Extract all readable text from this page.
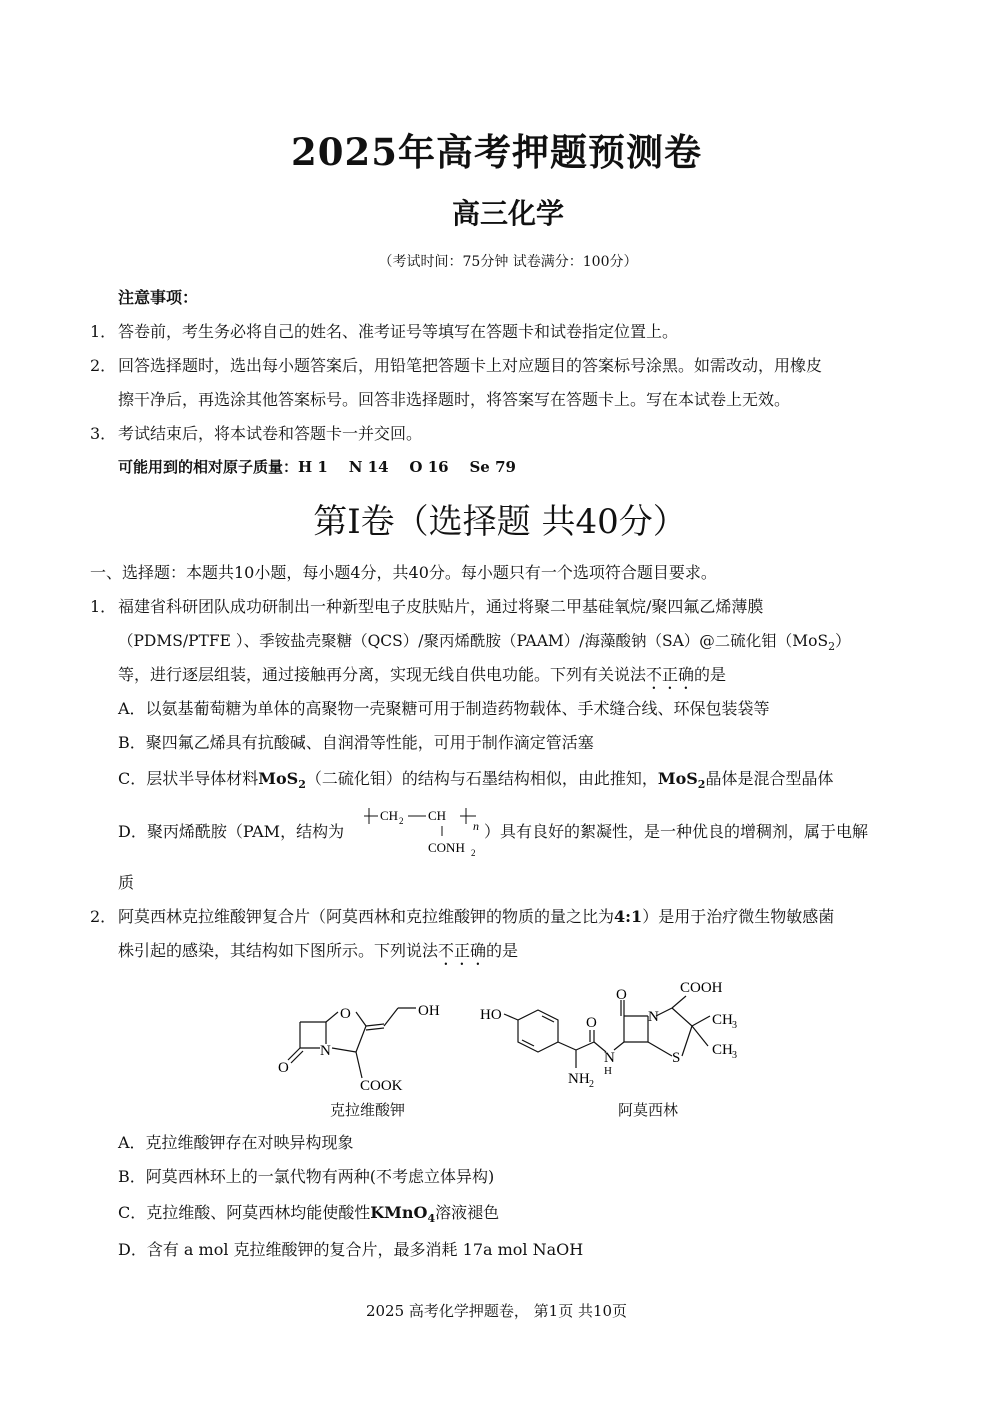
2025年高考押题预测卷
高三化学
（考试时间：75分钟 试卷满分：100分）
注意事项：
1． 答卷前，考生务必将自己的姓名、准考证号等填写在答题卡和试卷指定位置上。
2． 回答选择题时，选出每小题答案后，用铅笔把答题卡上对应题目的答案标号涂黑。如需改动，用橡皮
擦干净后，再选涂其他答案标号。回答非选择题时，将答案写在答题卡上。写在本试卷上无效。
3． 考试结束后，将本试卷和答题卡一并交回。
可能用到的相对原子质量：H 1    N 14    O 16    Se 79
第I卷（选择题 共40分）
一、选择题：本题共10小题，每小题4分，共40分。每小题只有一个选项符合题目要求。
1． 福建省科研团队成功研制出一种新型电子皮肤贴片，通过将聚二甲基硅氧烷/聚四氟乙烯薄膜
（PDMS/PTFE ）、季铵盐壳聚糖（QCS）/聚丙烯酰胺（PAAM）/海藻酸钠（SA）@二硫化钼（MoS$_2$）
等，进行逐层组装，通过接触再分离，实现无线自供电功能。下列有关说法不正确的是
A．以氨基葡萄糖为单体的高聚物一壳聚糖可用于制造药物载体、手术缝合线、环保包装袋等
B．聚四氟乙烯具有抗酸碱、自润滑等性能，可用于制作滴定管活塞
C．层状半导体材料MoS$_2$（二硫化钼）的结构与石墨结构相似，由此推知，MoS$_2$晶体是混合型晶体
D．聚丙烯酰胺（PAM，结构为
CH 2 CH
n
CONH 2
）具有良好的絮凝性，是一种优良的增稠剂，属于电解
质
2． 阿莫西林克拉维酸钾复合片（阿莫西林和克拉维酸钾的物质的量之比为4:1）是用于治疗微生物敏感菌
株引起的感染，其结构如下图所示。下列说法不正确的是
OH
O
N
O
COOK
克拉维酸钾
HO	O
NH 2
N
H
O
N
S
COOH
CH 3
CH 3
阿莫西林
A．克拉维酸钾存在对映异构现象
B．阿莫西林环上的一氯代物有两种(不考虑立体异构)
C．克拉维酸、阿莫西林均能使酸性KMnO$_4$溶液褪色
D．含有 a mol 克拉维酸钾的复合片，最多消耗 17a mol NaOH
2025 高考化学押题卷， 第1页 共10页
